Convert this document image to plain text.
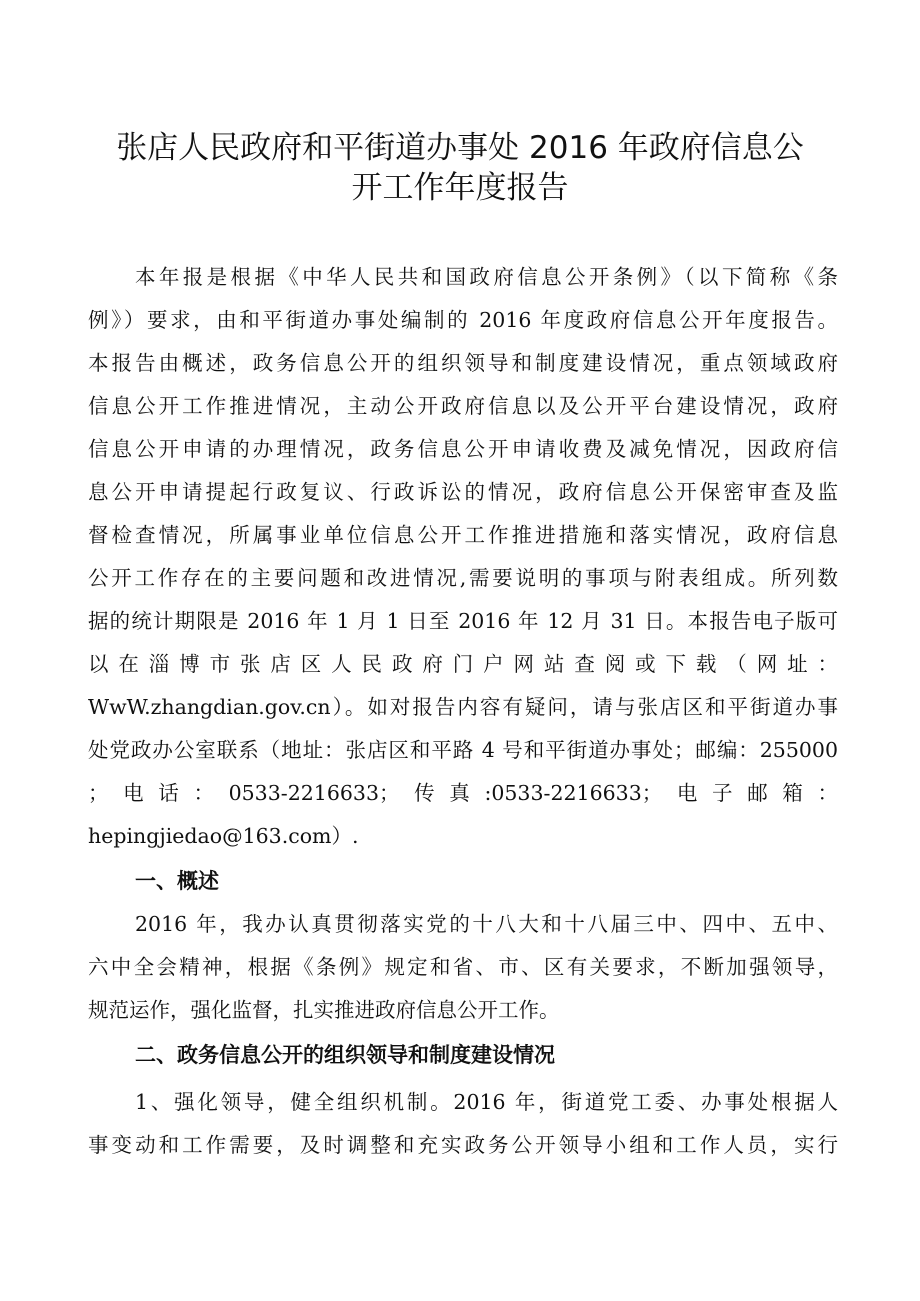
张店人民政府和平街道办事处 2016 年政府信息公
开工作年度报告
本年报是根据《中华人民共和国政府信息公开条例》（以下简称《条
例》）要求，由和平街道办事处编制的 2016 年度政府信息公开年度报告。
本报告由概述，政务信息公开的组织领导和制度建设情况，重点领域政府
信息公开工作推进情况，主动公开政府信息以及公开平台建设情况，政府
信息公开申请的办理情况，政务信息公开申请收费及减免情况，因政府信
息公开申请提起行政复议、行政诉讼的情况，政府信息公开保密审查及监
督检查情况，所属事业单位信息公开工作推进措施和落实情况，政府信息
公开工作存在的主要问题和改进情况,需要说明的事项与附表组成。所列数
据的统计期限是 2016 年 1 月 1 日至 2016 年 12 月 31 日。本报告电子版可
以在淄博市张店区人民政府门户网站查阅或下载（网址：
WwW.zhangdian.gov.cn）。如对报告内容有疑问，请与张店区和平街道办事
处党政办公室联系（地址：张店区和平路 4 号和平街道办事处；邮编：255000
；电话：0533-2216633；传真:0533-2216633；电子邮箱：
hepingjiedao@163.com）.
一、概述
2016 年，我办认真贯彻落实党的十八大和十八届三中、四中、五中、
六中全会精神，根据《条例》规定和省、市、区有关要求，不断加强领导，
规范运作，强化监督，扎实推进政府信息公开工作。
二、政务信息公开的组织领导和制度建设情况
1、强化领导，健全组织机制。2016 年，街道党工委、办事处根据人
事变动和工作需要，及时调整和充实政务公开领导小组和工作人员，实行
